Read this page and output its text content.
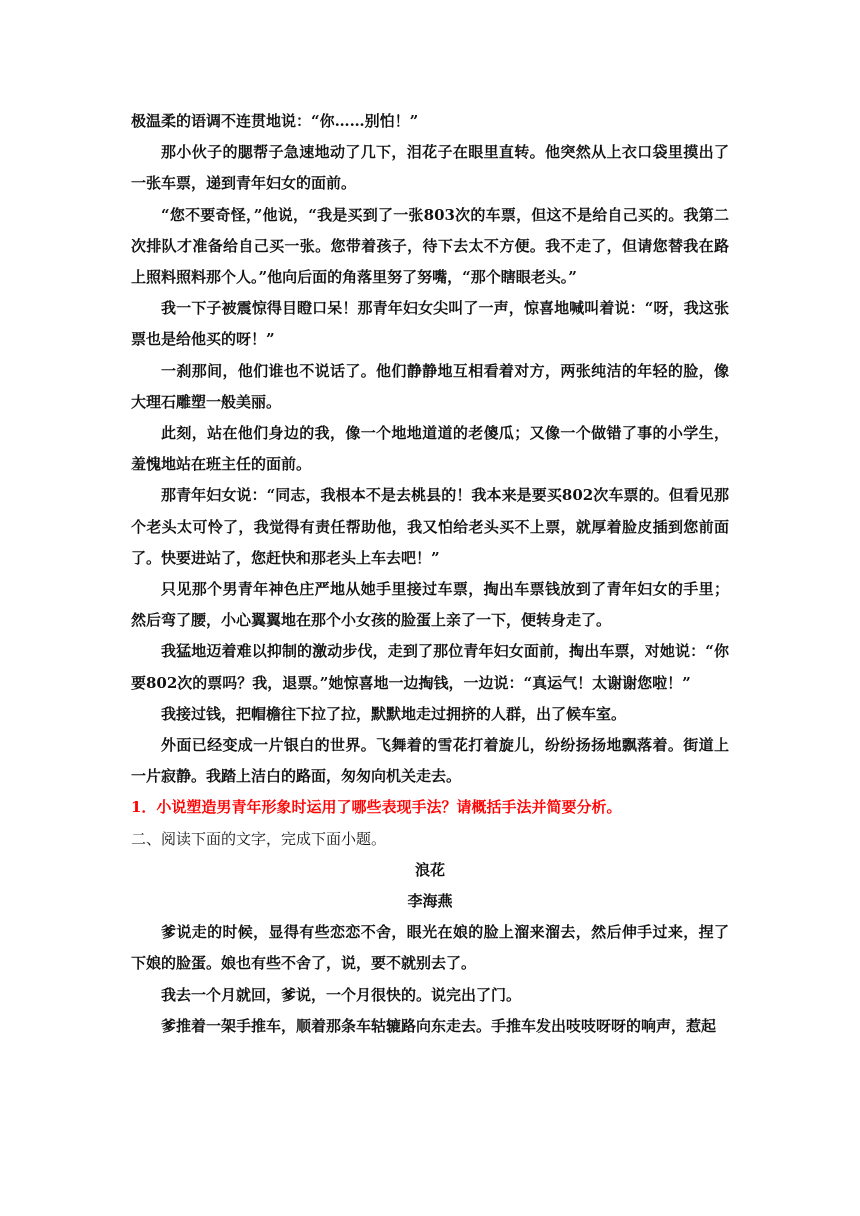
极温柔的语调不连贯地说：“你……别怕！”

那小伙子的腮帮子急速地动了几下，泪花子在眼里直转。他突然从上衣口袋里摸出了一张车票，递到青年妇女的面前。

“您不要奇怪，”他说，“我是买到了一张803次的车票，但这不是给自己买的。我第二次排队才准备给自己买一张。您带着孩子，待下去太不方便。我不走了，但请您替我在路上照料照料那个人。”他向后面的角落里努了努嘴，“那个瞎眼老头。”

我一下子被震惊得目瞪口呆！那青年妇女尖叫了一声，惊喜地喊叫着说：“呀，我这张票也是给他买的呀！”

一刹那间，他们谁也不说话了。他们静静地互相看着对方，两张纯洁的年轻的脸，像大理石雕塑一般美丽。

此刻，站在他们身边的我，像一个地地道道的老傻瓜；又像一个做错了事的小学生，羞愧地站在班主任的面前。

那青年妇女说：“同志，我根本不是去桃县的！我本来是要买802次车票的。但看见那个老头太可怜了，我觉得有责任帮助他，我又怕给老头买不上票，就厚着脸皮插到您前面了。快要进站了，您赶快和那老头上车去吧！”

只见那个男青年神色庄严地从她手里接过车票，掏出车票钱放到了青年妇女的手里；然后弯了腰，小心翼翼地在那个小女孩的脸蛋上亲了一下，便转身走了。

我猛地迈着难以抑制的激动步伐，走到了那位青年妇女面前，掏出车票，对她说：“你要802次的票吗？我，退票。”她惊喜地一边掏钱，一边说：“真运气！太谢谢您啦！”

我接过钱，把帽檐往下拉了拉，默默地走过拥挤的人群，出了候车室。

外面已经变成一片银白的世界。飞舞着的雪花打着旋儿，纷纷扬扬地飘落着。街道上一片寂静。我踏上洁白的路面，匆匆向机关走去。

1．小说塑造男青年形象时运用了哪些表现手法？请概括手法并简要分析。

二、阅读下面的文字，完成下面小题。

浪花

李海燕

爹说走的时候，显得有些恋恋不舍，眼光在娘的脸上溜来溜去，然后伸手过来，捏了下娘的脸蛋。娘也有些不舍了，说，要不就别去了。

我去一个月就回，爹说，一个月很快的。说完出了门。

爹推着一架手推车，顺着那条车轱辘路向东走去。手推车发出吱吱呀呀的响声，惹起
